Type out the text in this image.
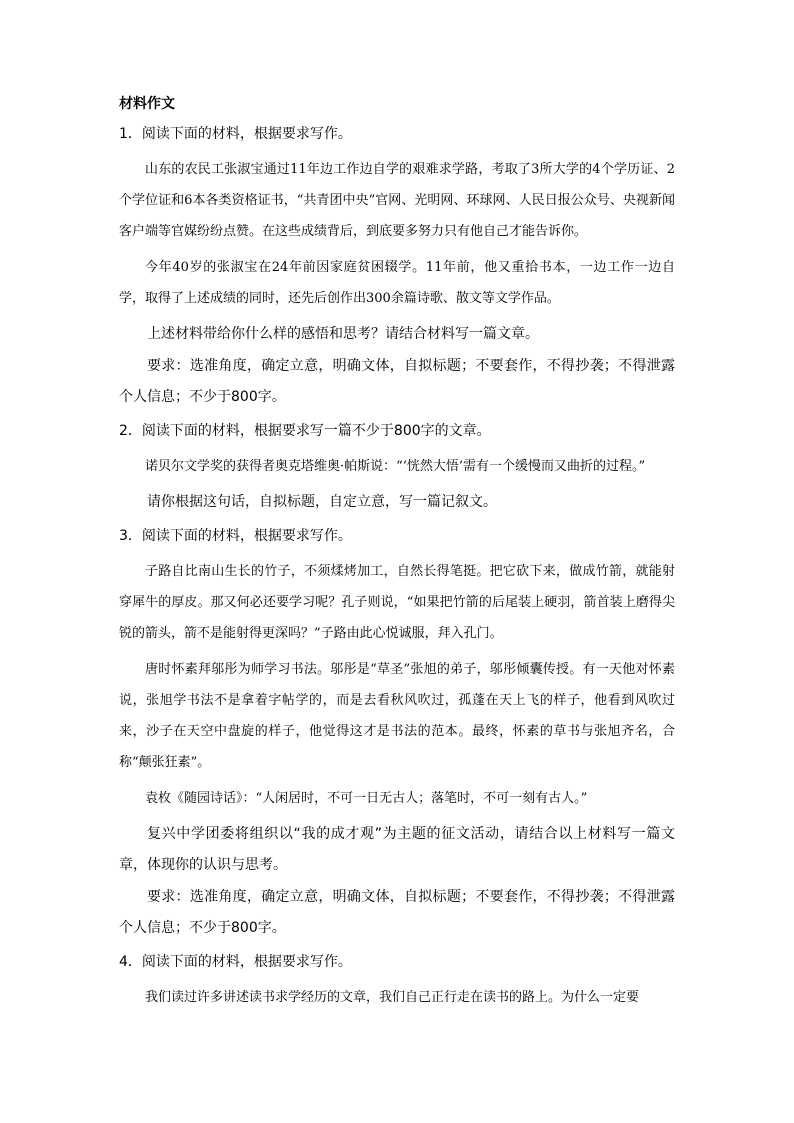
材料作文
1．阅读下面的材料，根据要求写作。

山东的农民工张淑宝通过11年边工作边自学的艰难求学路，考取了3所大学的4个学历证、2个学位证和6本各类资格证书，“共青团中央”官网、光明网、环球网、人民日报公众号、央视新闻客户端等官媒纷纷点赞。在这些成绩背后，到底要多努力只有他自己才能告诉你。

今年40岁的张淑宝在24年前因家庭贫困辍学。11年前，他又重拾书本，一边工作一边自学，取得了上述成绩的同时，还先后创作出300余篇诗歌、散文等文学作品。

上述材料带给你什么样的感悟和思考？请结合材料写一篇文章。

要求：选准角度，确定立意，明确文体，自拟标题；不要套作，不得抄袭；不得泄露个人信息；不少于800字。

2．阅读下面的材料，根据要求写一篇不少于800字的文章。

诺贝尔文学奖的获得者奥克塔维奥·帕斯说：“‘恍然大悟’需有一个缓慢而又曲折的过程。”

请你根据这句话，自拟标题，自定立意，写一篇记叙文。

3．阅读下面的材料，根据要求写作。

子路自比南山生长的竹子，不须煣烤加工，自然长得笔挺。把它砍下来，做成竹箭，就能射穿犀牛的厚皮。那又何必还要学习呢？孔子则说，“如果把竹箭的后尾装上硬羽，箭首装上磨得尖锐的箭头，箭不是能射得更深吗？”子路由此心悦诚服，拜入孔门。

唐时怀素拜邬彤为师学习书法。邬彤是“草圣”张旭的弟子，邬彤倾囊传授。有一天他对怀素说，张旭学书法不是拿着字帖学的，而是去看秋风吹过，孤蓬在天上飞的样子，他看到风吹过来，沙子在天空中盘旋的样子，他觉得这才是书法的范本。最终，怀素的草书与张旭齐名，合称“颠张狂素”。

袁枚《随园诗话》：“人闲居时，不可一日无古人；落笔时，不可一刻有古人。”

复兴中学团委将组织以“我的成才观”为主题的征文活动，请结合以上材料写一篇文章，体现你的认识与思考。

要求：选准角度，确定立意，明确文体，自拟标题；不要套作，不得抄袭；不得泄露个人信息；不少于800字。

4．阅读下面的材料，根据要求写作。

我们读过许多讲述读书求学经历的文章，我们自己正行走在读书的路上。为什么一定要
